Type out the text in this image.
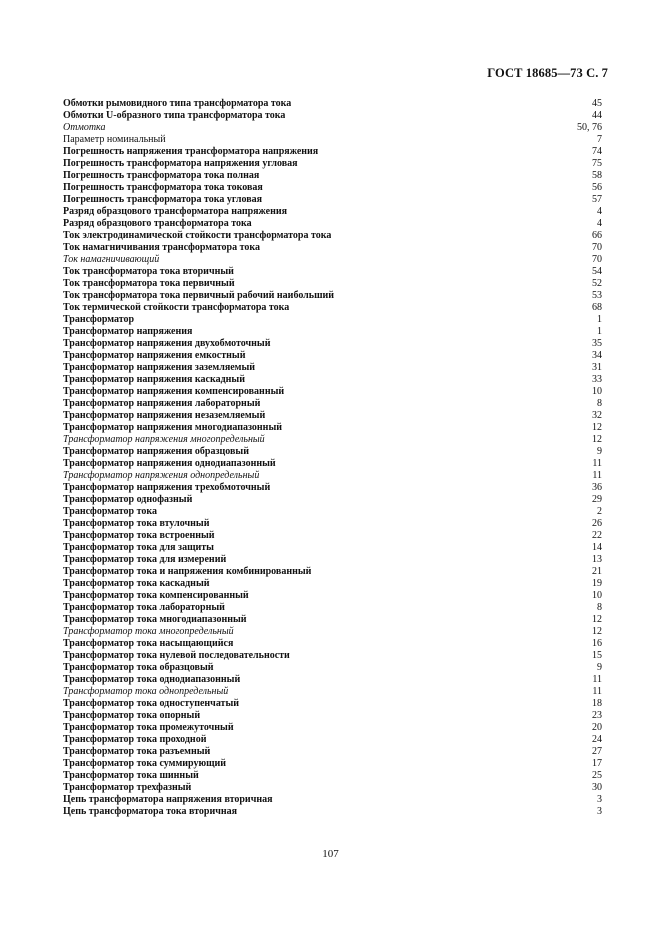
ГОСТ 18685—73 С. 7
Обмотки рымовидного типа трансформатора тока	45
Обмотки U-образного типа трансформатора тока	44
Отмотка	50, 76
Параметр номинальный	7
Погрешность напряжения трансформатора напряжения	74
Погрешность трансформатора напряжения угловая	75
Погрешность трансформатора тока полная	58
Погрешность трансформатора тока токовая	56
Погрешность трансформатора тока угловая	57
Разряд образцового трансформатора напряжения	4
Разряд образцового трансформатора тока	4
Ток электродинамической стойкости трансформатора тока	66
Ток намагничивания трансформатора тока	70
Ток намагничивающий	70
Ток трансформатора тока вторичный	54
Ток трансформатора тока первичный	52
Ток трансформатора тока первичный рабочий наибольший	53
Ток термической стойкости трансформатора тока	68
Трансформатор	1
Трансформатор напряжения	1
Трансформатор напряжения двухобмоточный	35
Трансформатор напряжения емкостный	34
Трансформатор напряжения заземляемый	31
Трансформатор напряжения каскадный	33
Трансформатор напряжения компенсированный	10
Трансформатор напряжения лабораторный	8
Трансформатор напряжения незаземляемый	32
Трансформатор напряжения многодиапазонный	12
Трансформатор напряжения многопредельный	12
Трансформатор напряжения образцовый	9
Трансформатор напряжения однодиапазонный	11
Трансформатор напряжения однопредельный	11
Трансформатор напряжения трехобмоточный	36
Трансформатор однофазный	29
Трансформатор тока	2
Трансформатор тока втулочный	26
Трансформатор тока встроенный	22
Трансформатор тока для защиты	14
Трансформатор тока для измерений	13
Трансформатор тока и напряжения комбинированный	21
Трансформатор тока каскадный	19
Трансформатор тока компенсированный	10
Трансформатор тока лабораторный	8
Трансформатор тока многодиапазонный	12
Трансформатор тока многопредельный	12
Трансформатор тока насыщающийся	16
Трансформатор тока нулевой последовательности	15
Трансформатор тока образцовый	9
Трансформатор тока однодиапазонный	11
Трансформатор тока однопредельный	11
Трансформатор тока одноступенчатый	18
Трансформатор тока опорный	23
Трансформатор тока промежуточный	20
Трансформатор тока проходной	24
Трансформатор тока разъемный	27
Трансформатор тока суммирующий	17
Трансформатор тока шинный	25
Трансформатор трехфазный	30
Цепь трансформатора напряжения вторичная	3
Цепь трансформатора тока вторичная	3
107
